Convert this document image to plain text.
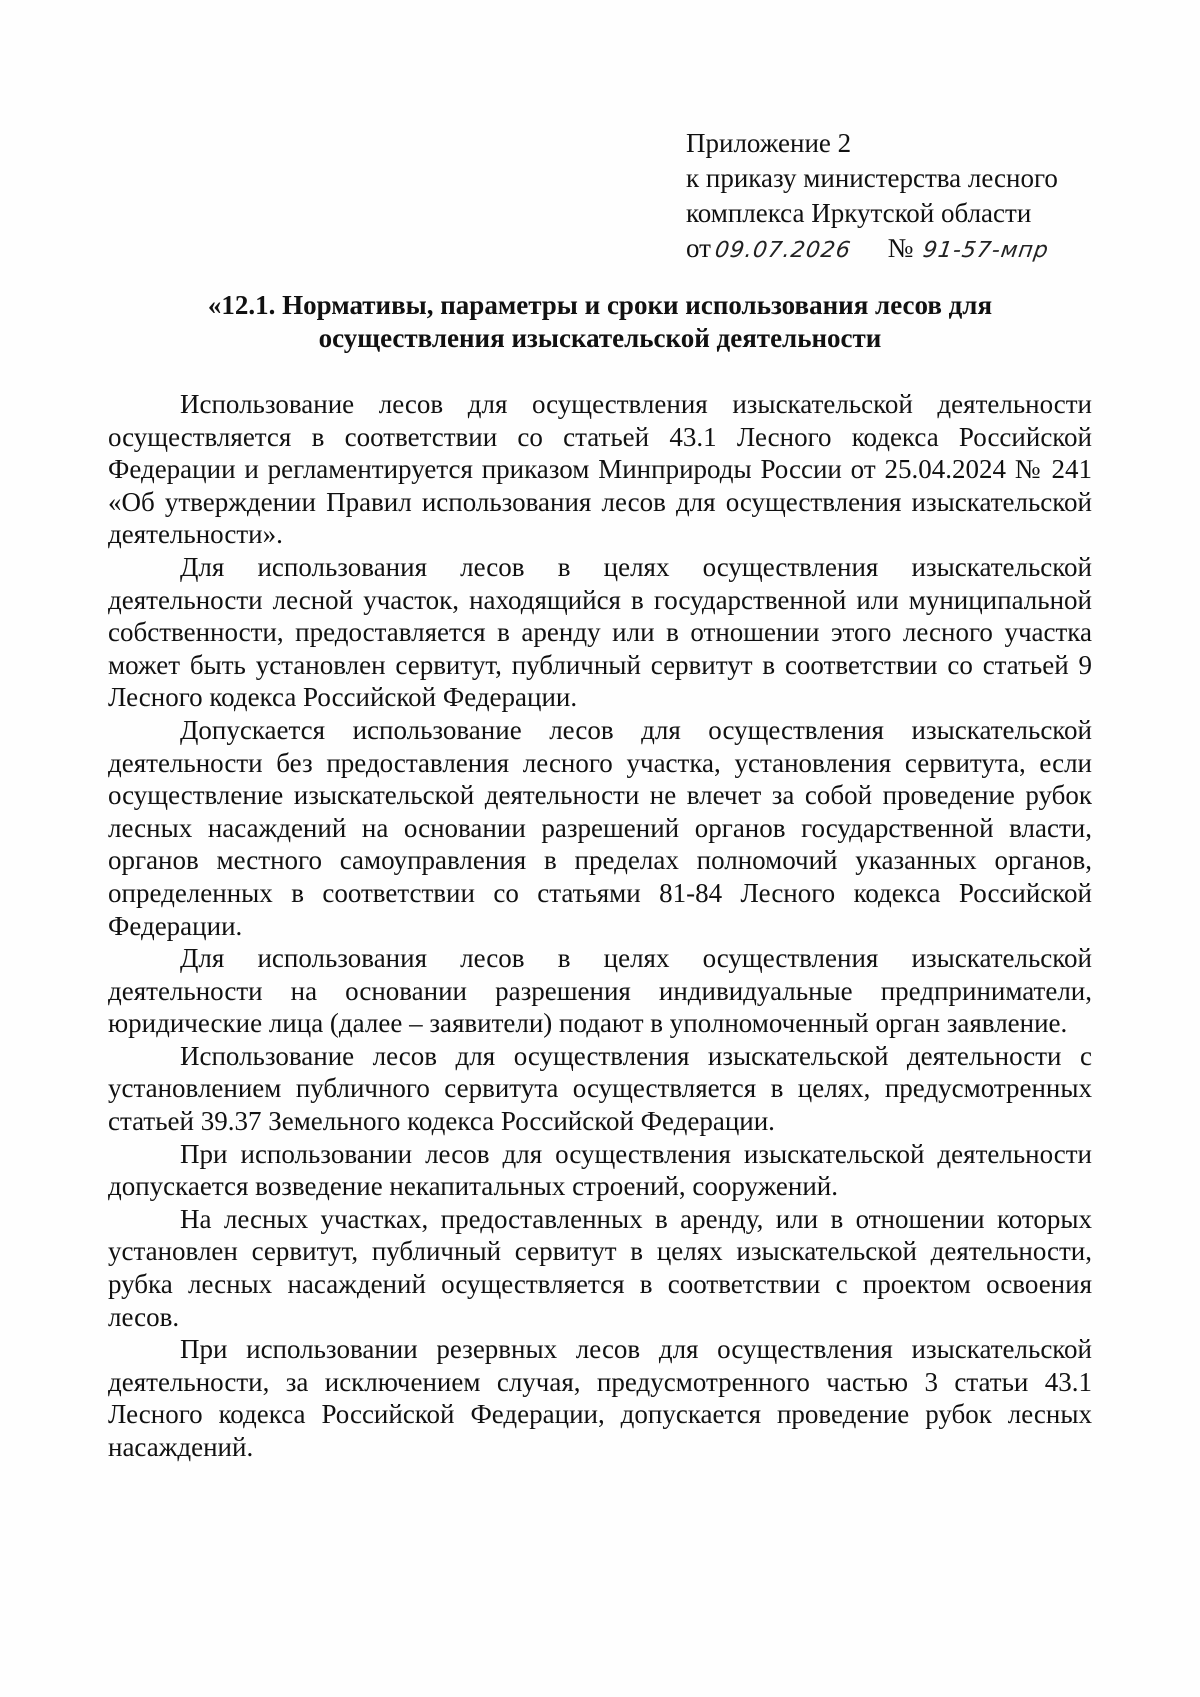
Приложение 2
к приказу министерства лесного
комплекса Иркутской области
от 09.07.2026 № 91-57-мпр
«12.1. Нормативы, параметры и сроки использования лесов для
осуществления изыскательской деятельности

Использование лесов для осуществления изыскательской деятельности осуществляется в соответствии со статьей 43.1 Лесного кодекса Российской Федерации и регламентируется приказом Минприроды России от 25.04.2024 № 241 «Об утверждении Правил использования лесов для осуществления изыскательской деятельности».

Для использования лесов в целях осуществления изыскательской деятельности лесной участок, находящийся в государственной или муниципальной собственности, предоставляется в аренду или в отношении этого лесного участка может быть установлен сервитут, публичный сервитут в соответствии со статьей 9 Лесного кодекса Российской Федерации.

Допускается использование лесов для осуществления изыскательской деятельности без предоставления лесного участка, установления сервитута, если осуществление изыскательской деятельности не влечет за собой проведение рубок лесных насаждений на основании разрешений органов государственной власти, органов местного самоуправления в пределах полномочий указанных органов, определенных в соответствии со статьями 81-84 Лесного кодекса Российской Федерации.

Для использования лесов в целях осуществления изыскательской деятельности на основании разрешения индивидуальные предприниматели, юридические лица (далее – заявители) подают в уполномоченный орган заявление.

Использование лесов для осуществления изыскательской деятельности с установлением публичного сервитута осуществляется в целях, предусмотренных статьей 39.37 Земельного кодекса Российской Федерации.

При использовании лесов для осуществления изыскательской деятельности допускается возведение некапитальных строений, сооружений.

На лесных участках, предоставленных в аренду, или в отношении которых установлен сервитут, публичный сервитут в целях изыскательской деятельности, рубка лесных насаждений осуществляется в соответствии с проектом освоения лесов.

При использовании резервных лесов для осуществления изыскательской деятельности, за исключением случая, предусмотренного частью 3 статьи 43.1 Лесного кодекса Российской Федерации, допускается проведение рубок лесных насаждений.
